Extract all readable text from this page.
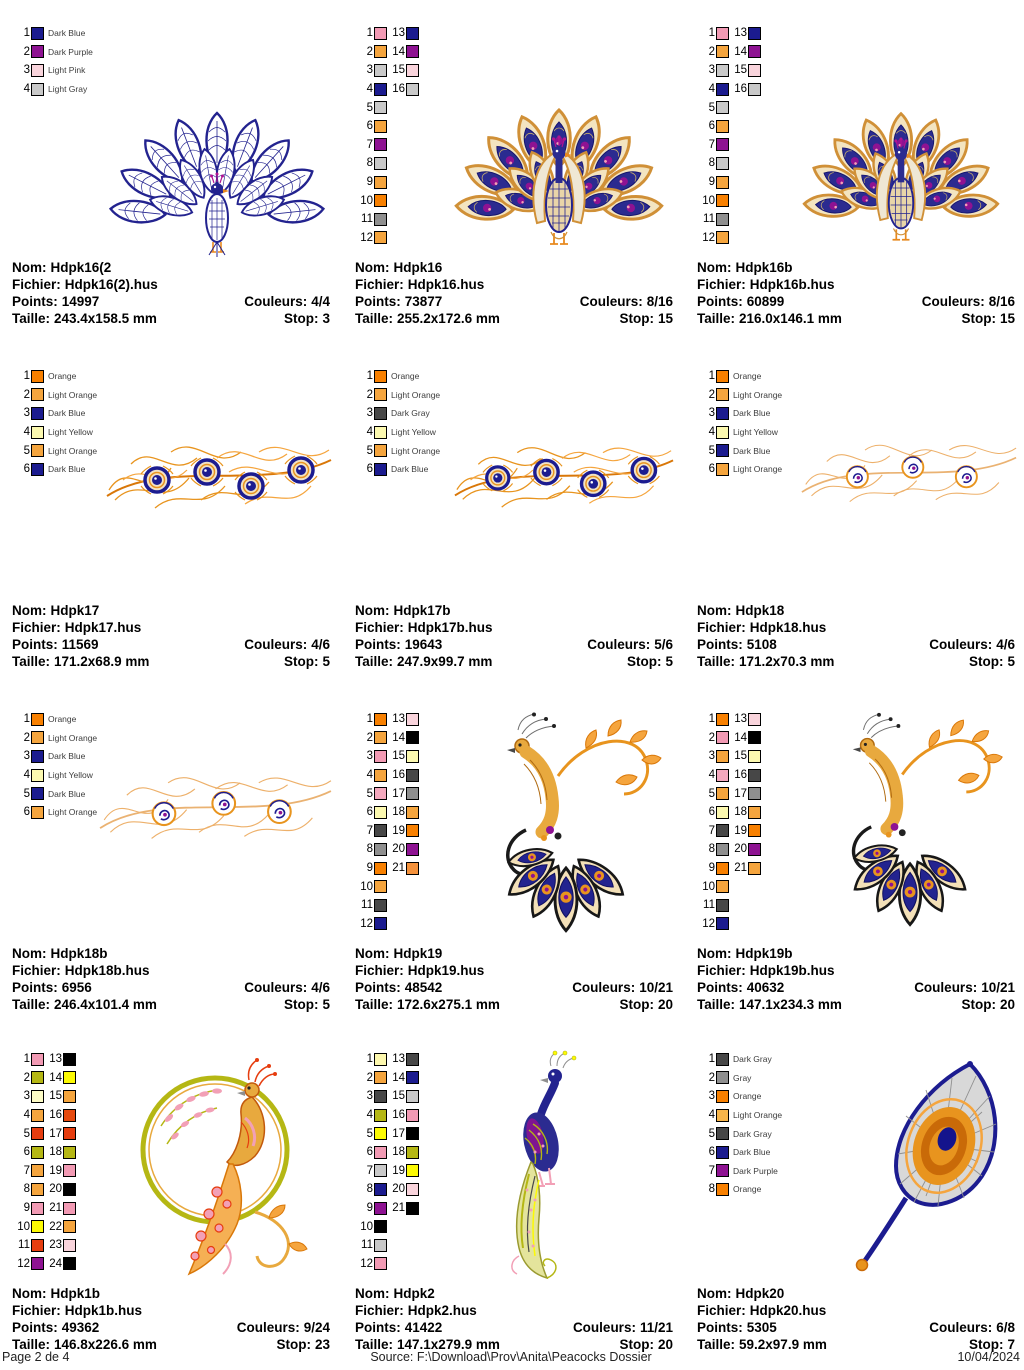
1 Dark Blue
2 Dark Purple
3 Light Pink
4 Light Gray
Nom: Hdpk16(2
Fichier: Hdpk16(2).hus
Points: 14997	Couleurs: 4/4
Taille: 243.4x158.5 mm	Stop: 3
1
2
3
4
5
6
7
8
9
10
11
12
13
14
15
16
Nom: Hdpk16
Fichier: Hdpk16.hus
Points: 73877	Couleurs: 8/16
Taille: 255.2x172.6 mm	Stop: 15
1
2
3
4
5
6
7
8
9
10
11
12
13
14
15
16
Nom: Hdpk16b
Fichier: Hdpk16b.hus
Points: 60899	Couleurs: 8/16
Taille: 216.0x146.1 mm	Stop: 15
1 Orange
2 Light Orange
3 Dark Blue
4 Light Yellow
5 Light Orange
6 Dark Blue
Nom: Hdpk17
Fichier: Hdpk17.hus
Points: 11569	Couleurs: 4/6
Taille: 171.2x68.9 mm	Stop: 5
1 Orange
2 Light Orange
3 Dark Gray
4 Light Yellow
5 Light Orange
6 Dark Blue
Nom: Hdpk17b
Fichier: Hdpk17b.hus
Points: 19643	Couleurs: 5/6
Taille: 247.9x99.7 mm	Stop: 5
1 Orange
2 Light Orange
3 Dark Blue
4 Light Yellow
5 Dark Blue
6 Light Orange
Nom: Hdpk18
Fichier: Hdpk18.hus
Points: 5108	Couleurs: 4/6
Taille: 171.2x70.3 mm	Stop: 5
1 Orange
2 Light Orange
3 Dark Blue
4 Light Yellow
5 Dark Blue
6 Light Orange
Nom: Hdpk18b
Fichier: Hdpk18b.hus
Points: 6956	Couleurs: 4/6
Taille: 246.4x101.4 mm	Stop: 5
1
2
3
4
5
6
7
8
9
10
11
12
13
14
15
16
17
18
19
20
21
Nom: Hdpk19
Fichier: Hdpk19.hus
Points: 48542	Couleurs: 10/21
Taille: 172.6x275.1 mm	Stop: 20
1
2
3
4
5
6
7
8
9
10
11
12
13
14
15
16
17
18
19
20
21
Nom: Hdpk19b
Fichier: Hdpk19b.hus
Points: 40632	Couleurs: 10/21
Taille: 147.1x234.3 mm	Stop: 20
1
2
3
4
5
6
7
8
9
10
11
12
13
14
15
16
17
18
19
20
21
22
23
24
Nom: Hdpk1b
Fichier: Hdpk1b.hus
Points: 49362	Couleurs: 9/24
Taille: 146.8x226.6 mm	Stop: 23
1
2
3
4
5
6
7
8
9
10
11
12
13
14
15
16
17
18
19
20
21
Nom: Hdpk2
Fichier: Hdpk2.hus
Points: 41422	Couleurs: 11/21
Taille: 147.1x279.9 mm	Stop: 20
1 Dark Gray
2 Gray
3 Orange
4 Light Orange
5 Dark Gray
6 Dark Blue
7 Dark Purple
8 Orange
Nom: Hdpk20
Fichier: Hdpk20.hus
Points: 5305	Couleurs: 6/8
Taille: 59.2x97.9 mm	Stop: 7
Page 2 de 4	Source: F:\Download\Prov\Anita\Peacocks Dossier	10/04/2024
